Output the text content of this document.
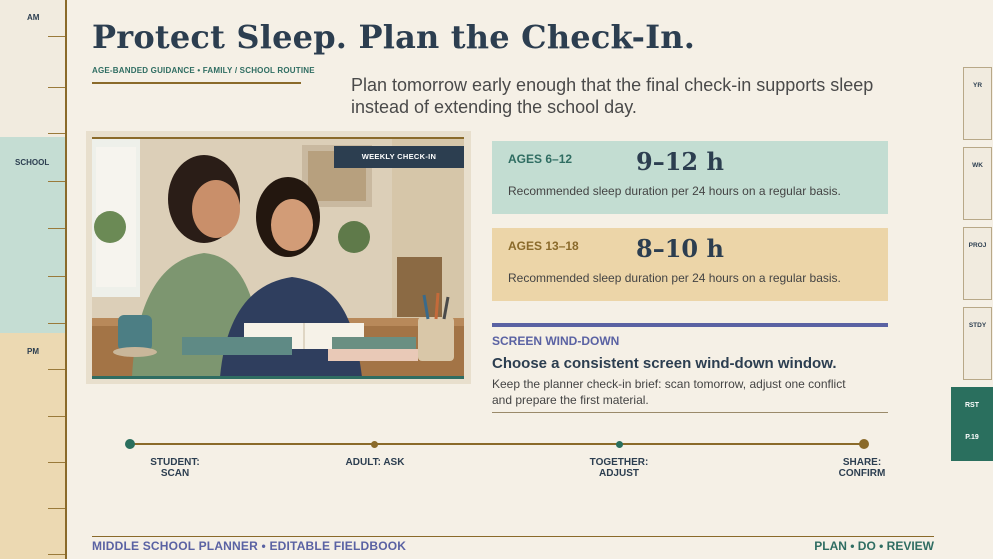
AM
SCHOOL
PM
Protect Sleep. Plan the Check-In.
AGE-BANDED GUIDANCE • FAMILY / SCHOOL ROUTINE
Plan tomorrow early enough that the final check-in supports sleep instead of extending the school day.
WEEKLY CHECK-IN	AGES 6–12	9–12 h
Recommended sleep duration per 24 hours on a regular basis.
AGES 13–18 8–10 h
Recommended sleep duration per 24 hours on a regular basis.
SCREEN WIND-DOWN
Choose a consistent screen wind-down window.
Keep the planner check-in brief: scan tomorrow, adjust one conflict and prepare the first material.
STUDENT:
SCAN
ADULT: ASK	TOGETHER:
ADJUST
SHARE:
CONFIRM
MIDDLE SCHOOL PLANNER • EDITABLE FIELDBOOK	PLAN • DO • REVIEW
YR
WK
PROJ
STDY
RST
P.19
